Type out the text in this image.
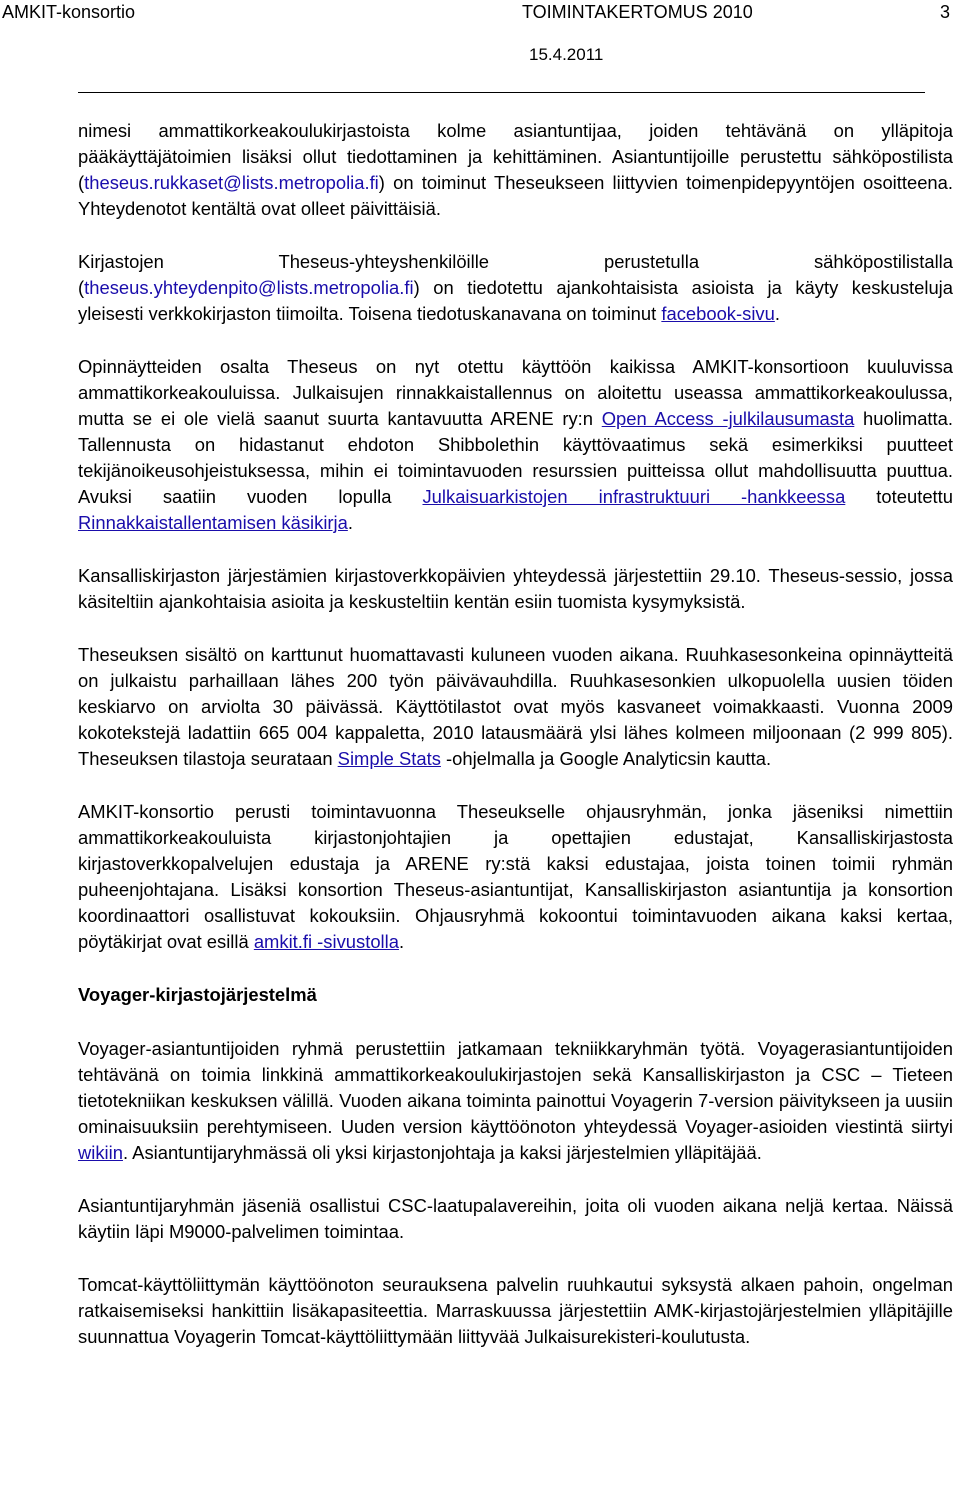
AMKIT-konsortio	TOIMINTAKERTOMUS 2010	3
15.4.2011

nimesi ammattikorkeakoulukirjastoista kolme asiantuntijaa, joiden tehtävänä on ylläpitoja pääkäyttäjätoimien lisäksi ollut tiedottaminen ja kehittäminen. Asiantuntijoille perustettu sähköpostilista (theseus.rukkaset@lists.metropolia.fi) on toiminut Theseukseen liittyvien toimenpidepyyntöjen osoitteena. Yhteydenotot kentältä ovat olleet päivittäisiä.

Kirjastojen Theseus-yhteyshenkilöille perustetulla sähköpostilistalla (theseus.yhteydenpito@lists.metropolia.fi) on tiedotettu ajankohtaisista asioista ja käyty keskusteluja yleisesti verkkokirjaston tiimoilta. Toisena tiedotuskanavana on toiminut facebook-sivu.

Opinnäytteiden osalta Theseus on nyt otettu käyttöön kaikissa AMKIT-konsortioon kuuluvissa ammattikorkeakouluissa. Julkaisujen rinnakkaistallennus on aloitettu useassa ammattikorkeakoulussa, mutta se ei ole vielä saanut suurta kantavuutta ARENE ry:n Open Access -julkilausumasta huolimatta. Tallennusta on hidastanut ehdoton Shibbolethin käyttövaatimus sekä esimerkiksi puutteet tekijänoikeusohjeistuksessa, mihin ei toimintavuoden resurssien puitteissa ollut mahdollisuutta puuttua. Avuksi saatiin vuoden lopulla Julkaisuarkistojen infrastruktuuri -hankkeessa toteutettu Rinnakkaistallentamisen käsikirja.

Kansalliskirjaston järjestämien kirjastoverkkopäivien yhteydessä järjestettiin 29.10. Theseus-sessio, jossa käsiteltiin ajankohtaisia asioita ja keskusteltiin kentän esiin tuomista kysymyksistä.

Theseuksen sisältö on karttunut huomattavasti kuluneen vuoden aikana. Ruuhkasesonkeina opinnäytteitä on julkaistu parhaillaan lähes 200 työn päivävauhdilla. Ruuhkasesonkien ulkopuolella uusien töiden keskiarvo on arviolta 30 päivässä. Käyttötilastot ovat myös kasvaneet voimakkaasti. Vuonna 2009 kokotekstejä ladattiin 665 004 kappaletta, 2010 latausmäärä ylsi lähes kolmeen miljoonaan (2 999 805). Theseuksen tilastoja seurataan Simple Stats -ohjelmalla ja Google Analyticsin kautta.

AMKIT-konsortio perusti toimintavuonna Theseukselle ohjausryhmän, jonka jäseniksi nimettiin ammattikorkeakouluista kirjastonjohtajien ja opettajien edustajat, Kansalliskirjastosta kirjastoverkkopalvelujen edustaja ja ARENE ry:stä kaksi edustajaa, joista toinen toimii ryhmän puheenjohtajana. Lisäksi konsortion Theseus-asiantuntijat, Kansalliskirjaston asiantuntija ja konsortion koordinaattori osallistuvat kokouksiin. Ohjausryhmä kokoontui toimintavuoden aikana kaksi kertaa, pöytäkirjat ovat esillä amkit.fi -sivustolla.

Voyager-kirjastojärjestelmä

Voyager-asiantuntijoiden ryhmä perustettiin jatkamaan tekniikkaryhmän työtä. Voyagerasiantuntijoiden tehtävänä on toimia linkkinä ammattikorkeakoulukirjastojen sekä Kansalliskirjaston ja CSC – Tieteen tietotekniikan keskuksen välillä. Vuoden aikana toiminta painottui Voyagerin 7-version päivitykseen ja uusiin ominaisuuksiin perehtymiseen. Uuden version käyttöönoton yhteydessä Voyager-asioiden viestintä siirtyi wikiin. Asiantuntijaryhmässä oli yksi kirjastonjohtaja ja kaksi järjestelmien ylläpitäjää.

Asiantuntijaryhmän jäseniä osallistui CSC-laatupalavereihin, joita oli vuoden aikana neljä kertaa. Näissä käytiin läpi M9000-palvelimen toimintaa.

Tomcat-käyttöliittymän käyttöönoton seurauksena palvelin ruuhkautui syksystä alkaen pahoin, ongelman ratkaisemiseksi hankittiin lisäkapasiteettia. Marraskuussa järjestettiin AMK-kirjastojärjestelmien ylläpitäjille suunnattua Voyagerin Tomcat-käyttöliittymään liittyvää Julkaisurekisteri-koulutusta.
